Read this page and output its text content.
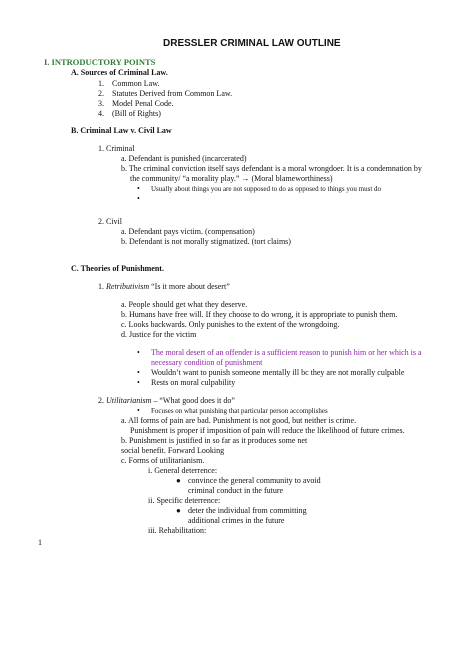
DRESSLER CRIMINAL LAW OUTLINE
I. INTRODUCTORY POINTS
A. Sources of Criminal Law.
1.    Common Law.
2.    Statutes Derived from Common Law.
3.    Model Penal Code.
4.    (Bill of Rights)
B. Criminal Law v. Civil Law
1. Criminal
a. Defendant is punished (incarcerated)
b. The criminal conviction itself says defendant is a moral wrongdoer. It is a condemnation by
the community/ “a morality play.” → (Moral blameworthiness)
• Usually about things you are not supposed to do as opposed to things you must do
•
2. Civil
a. Defendant pays victim. (compensation)
b. Defendant is not morally stigmatized. (tort claims)
C. Theories of Punishment.
1. Retributivism “Is it more about desert”
a. People should get what they deserve.
b. Humans have free will. If they choose to do wrong, it is appropriate to punish them.
c. Looks backwards. Only punishes to the extent of the wrongdoing.
d. Justice for the victim
• The moral desert of an offender is a sufficient reason to punish him or her which is a
necessary condition of punishment
• Wouldn’t want to punish someone mentally ill bc they are not morally culpable
• Rests on moral culpability
2. Utilitarianism – “What good does it do”
• Focuses on what punishing that particular person accomplishes
a. All forms of pain are bad. Punishment is not good, but neither is crime.
Punishment is proper if imposition of pain will reduce the likelihood of future crimes.
b. Punishment is justified in so far as it produces some net
social benefit. Forward Looking
c. Forms of utilitarianism.
i. General deterrence:
● convince the general community to avoid
criminal conduct in the future
ii. Specific deterrence:
● deter the individual from committing
additional crimes in the future
iii. Rehabilitation:
1
